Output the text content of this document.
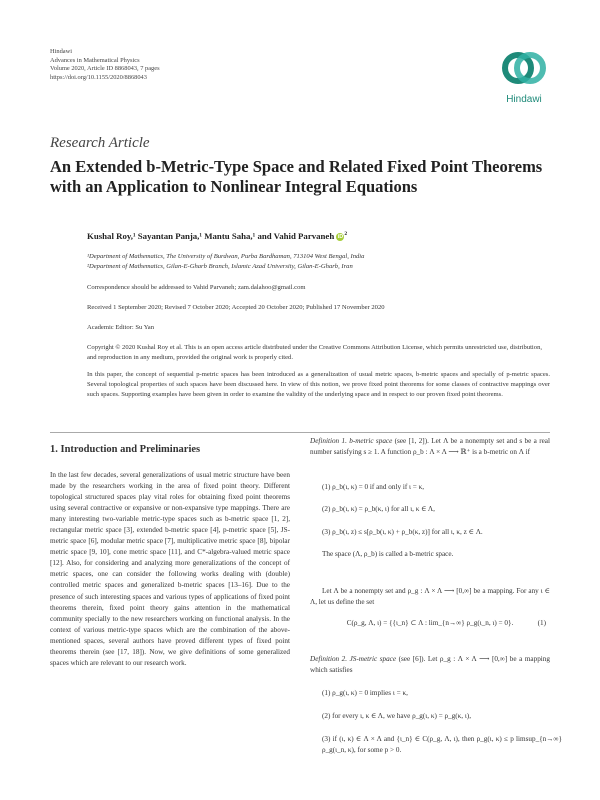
Hindawi
Advances in Mathematical Physics
Volume 2020, Article ID 8868043, 7 pages
https://doi.org/10.1155/2020/8868043
Hindawi
Research Article
An Extended b-Metric-Type Space and Related Fixed Point Theorems with an Application to Nonlinear Integral Equations
Kushal Roy,¹ Sayantan Panja,¹ Mantu Saha,¹ and Vahid Parvaneh $iD^2$
¹Department of Mathematics, The University of Burdwan, Purba Bardhaman, 713104 West Bengal, India
²Department of Mathematics, Gilan-E-Gharb Branch, Islamic Azad University, Gilan-E-Gharb, Iran
Correspondence should be addressed to Vahid Parvaneh; zam.dalahoo@gmail.com
Received 1 September 2020; Revised 7 October 2020; Accepted 20 October 2020; Published 17 November 2020
Academic Editor: Su Yan
Copyright © 2020 Kushal Roy et al. This is an open access article distributed under the Creative Commons Attribution License, which permits unrestricted use, distribution, and reproduction in any medium, provided the original work is properly cited.
In this paper, the concept of sequential p-metric spaces has been introduced as a generalization of usual metric spaces, b-metric spaces and specially of p-metric spaces. Several topological properties of such spaces have been discussed here. In view of this notion, we prove fixed point theorems for some classes of contractive mappings over such spaces. Supporting examples have been given in order to examine the validity of the underlying space and in respect to our proven fixed point theorems.
1. Introduction and Preliminaries
In the last few decades, several generalizations of usual metric structure have been made by the researchers working in the area of fixed point theory. Different topological structured spaces play vital roles for obtaining fixed point theorems using several contractive or expansive or non-expansive type mappings. There are many interesting two-variable metric-type spaces such as b-metric space [1, 2], rectangular metric space [3], extended b-metric space [4], p-metric space [5], JS-metric space [6], modular metric space [7], multiplicative metric space [8], bipolar metric space [9, 10], cone metric space [11], and C*-algebra-valued metric space [12]. Also, for considering and analyzing more generalizations of the concept of metric spaces, one can consider the following works dealing with (double) controlled metric spaces and generalized b-metric spaces [13–16]. Due to the presence of such interesting spaces and various types of applications of fixed point theorems therein, fixed point theory gains attention in the mathematical community specially to the new researchers working on functional analysis. In the context of various metric-type spaces which are the combination of the above-mentioned spaces, several authors have proved different types of fixed point theorems therein (see [17, 18]). Now, we give definitions of some generalized spaces which are relevant to our research work.

Definition 1. b-metric space (see [1, 2]). Let Λ be a nonempty set and s be a real number satisfying s ≥ 1. A function ρ_b : Λ × Λ ⟶ ℝ⁺ is a b-metric on Λ if

(1) ρ_b(ι, κ) = 0 if and only if ι = κ,

(2) ρ_b(ι, κ) = ρ_b(κ, ι) for all ι, κ ∈ Λ,

(3) ρ_b(ι, z) ≤ s[ρ_b(ι, κ) + ρ_b(κ, z)] for all ι, κ, z ∈ Λ.

The space (Λ, ρ_b) is called a b-metric space.

Let Λ be a nonempty set and ρ_g : Λ × Λ ⟶ [0,∞] be a mapping. For any ι ∈ Λ, let us define the set

C(ρ_g, Λ, ι) = {{ι_n} ⊂ Λ : lim_{n→∞} ρ_g(ι_n, ι) = 0}.	(1)

Definition 2. JS-metric space (see [6]). Let ρ_g : Λ × Λ ⟶ [0,∞] be a mapping which satisfies

(1) ρ_g(ι, κ) = 0 implies ι = κ,

(2) for every ι, κ ∈ Λ, we have ρ_g(ι, κ) = ρ_g(κ, ι),

(3) if (ι, κ) ∈ Λ × Λ and {ι_n} ∈ C(ρ_g, Λ, ι), then ρ_g(ι, κ) ≤ p limsup_{n→∞} ρ_g(ι_n, κ), for some p > 0.
